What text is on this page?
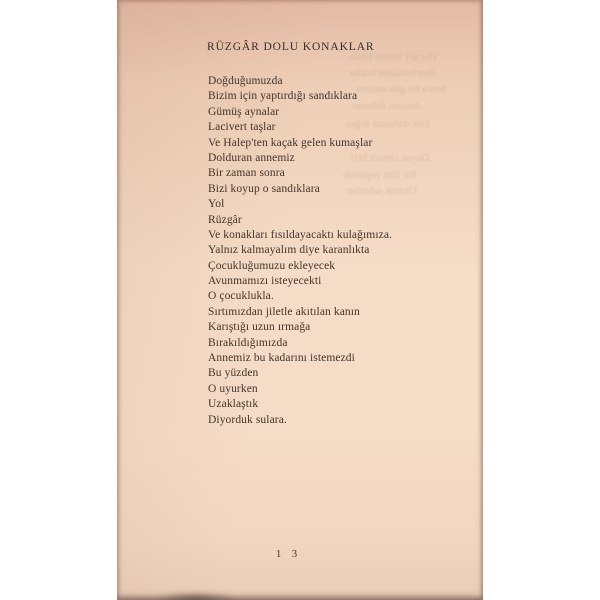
Her şey birden bitsin
Ben bırakılan bozkır
Sonra bir gün ansızın
Ansızın dolanan
Erik dallarına değen
Duyan olmadı bizi
Bir filiz yeşilinde
Uzanan sulardan
RÜZGÂR DOLU KONAKLAR
Doğduğumuzda
Bizim için yaptırdığı sandıklara
Gümüş aynalar
Lacivert taşlar
Ve Halep'ten kaçak gelen kumaşlar
Dolduran annemiz
Bir zaman sonra
Bizi koyup o sandıklara
Yol
Rüzgâr
Ve konakları fısıldayacaktı kulağımıza.
Yalnız kalmayalım diye karanlıkta
Çocukluğumuzu ekleyecek
Avunmamızı isteyecekti
O çocuklukla.
Sırtımızdan jiletle akıtılan kanın
Karıştığı uzun ırmağa
Bırakıldığımızda
Annemiz bu kadarını istemezdi
Bu yüzden
O uyurken
Uzaklaştık
Diyorduk sulara.
1 3
